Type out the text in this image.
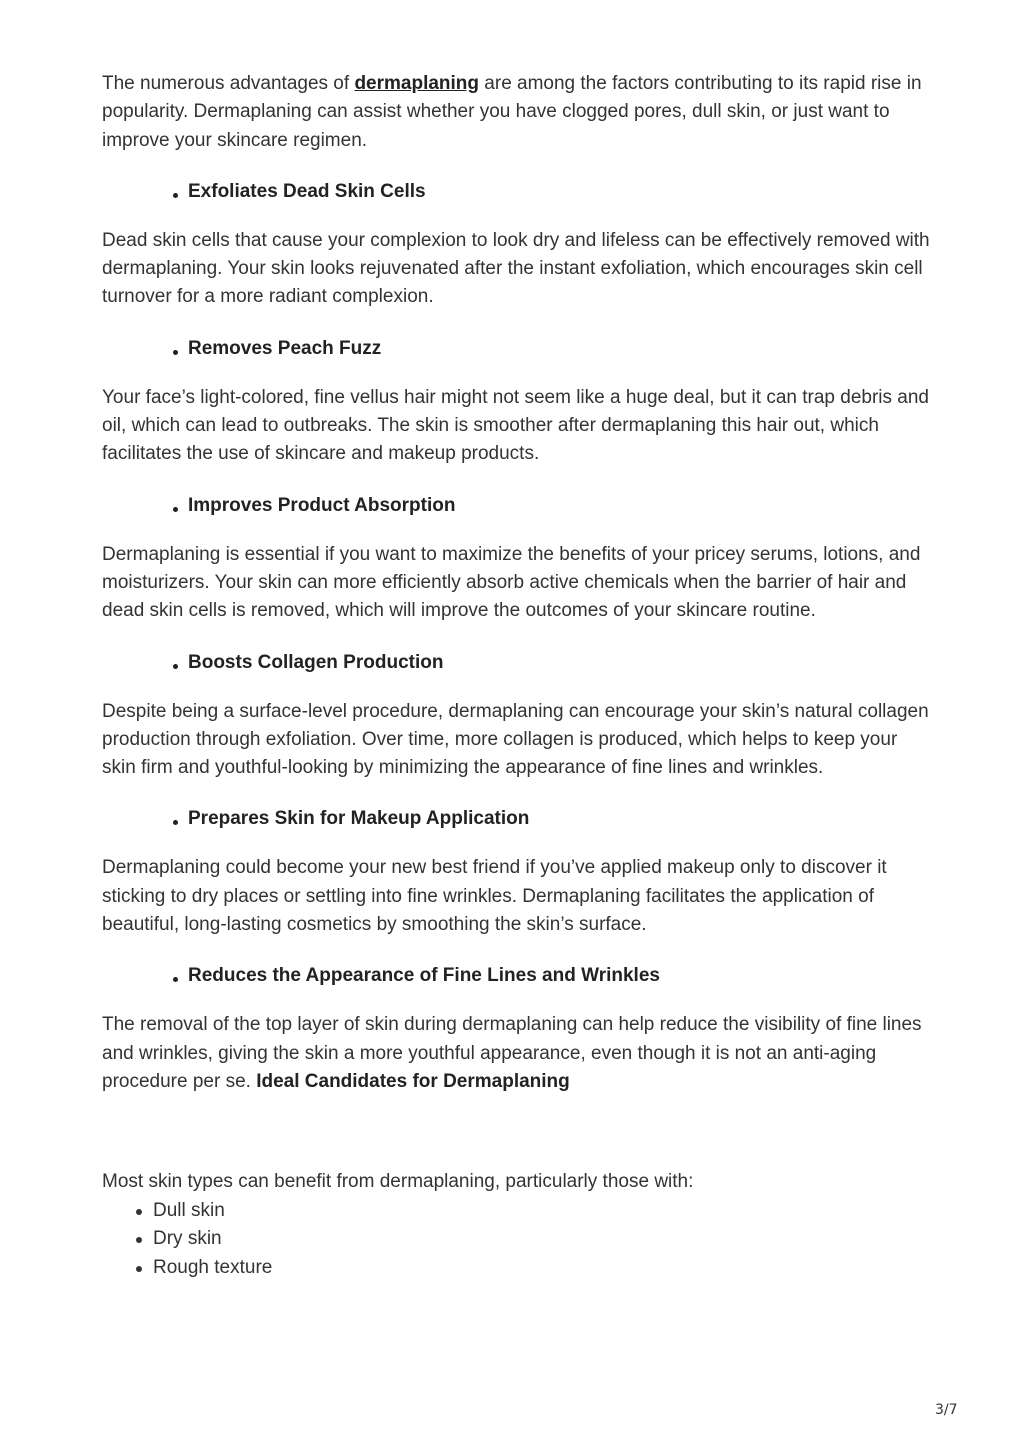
The numerous advantages of dermaplaning are among the factors contributing to its rapid rise in popularity. Dermaplaning can assist whether you have clogged pores, dull skin, or just want to improve your skincare regimen.

Exfoliates Dead Skin Cells

Dead skin cells that cause your complexion to look dry and lifeless can be effectively removed with dermaplaning. Your skin looks rejuvenated after the instant exfoliation, which encourages skin cell turnover for a more radiant complexion.

Removes Peach Fuzz

Your face’s light-colored, fine vellus hair might not seem like a huge deal, but it can trap debris and oil, which can lead to outbreaks. The skin is smoother after dermaplaning this hair out, which facilitates the use of skincare and makeup products.

Improves Product Absorption

Dermaplaning is essential if you want to maximize the benefits of your pricey serums, lotions, and moisturizers. Your skin can more efficiently absorb active chemicals when the barrier of hair and dead skin cells is removed, which will improve the outcomes of your skincare routine.

Boosts Collagen Production

Despite being a surface-level procedure, dermaplaning can encourage your skin’s natural collagen production through exfoliation. Over time, more collagen is produced, which helps to keep your skin firm and youthful-looking by minimizing the appearance of fine lines and wrinkles.

Prepares Skin for Makeup Application

Dermaplaning could become your new best friend if you’ve applied makeup only to discover it sticking to dry places or settling into fine wrinkles. Dermaplaning facilitates the application of beautiful, long-lasting cosmetics by smoothing the skin’s surface.

Reduces the Appearance of Fine Lines and Wrinkles

The removal of the top layer of skin during dermaplaning can help reduce the visibility of fine lines and wrinkles, giving the skin a more youthful appearance, even though it is not an anti-aging procedure per se. Ideal Candidates for Dermaplaning

Most skin types can benefit from dermaplaning, particularly those with:

Dull skin
Dry skin
Rough texture
3/7
